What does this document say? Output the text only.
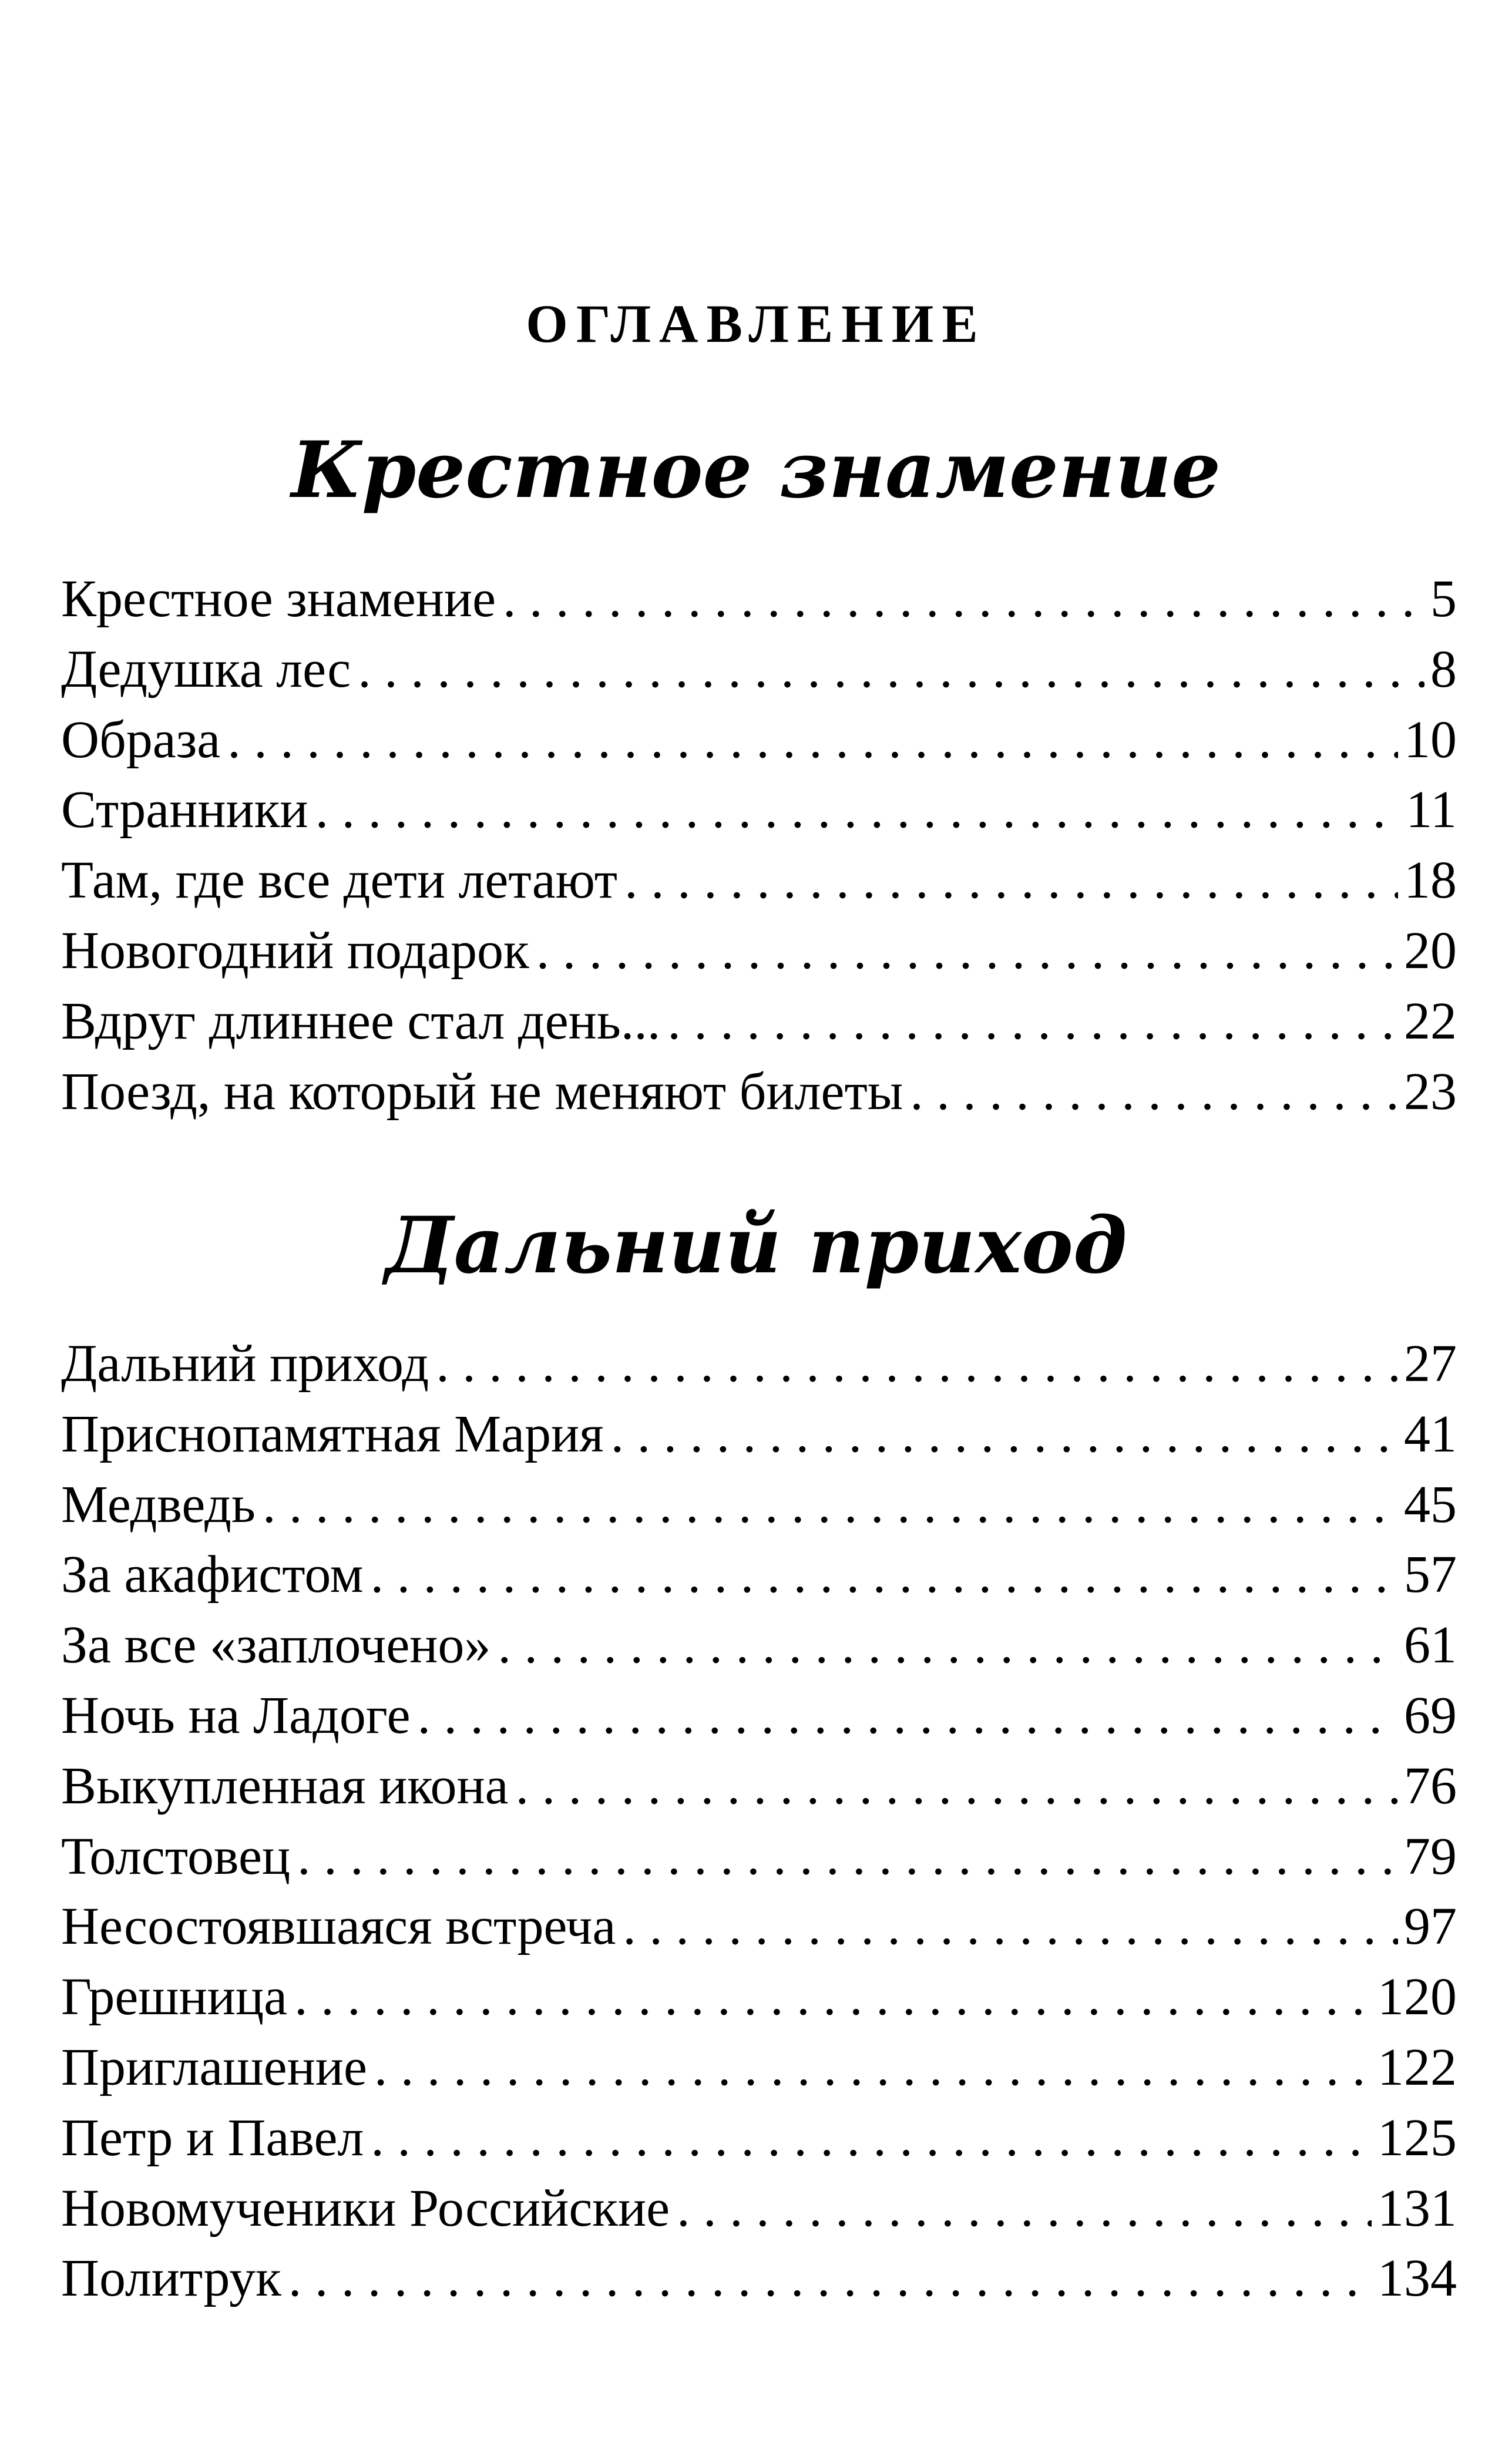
ОГЛАВЛЕНИЕ
Крестное знамение
Крестное знамение . . .	5
Дедушка лес . . .	8
Образа . . .	10
Странники . . .	11
Там, где все дети летают . . .	18
Новогодний подарок . . .	20
Вдруг длиннее стал день... . . .	22
Поезд, на который не меняют билеты . . .	23
Дальний приход
Дальний приход . . .	27
Приснопамятная Мария . . .	41
Медведь . . .	45
За акафистом . . .	57
За все «заплочено» . . .	61
Ночь на Ладоге . . .	69
Выкупленная икона . . .	76
Толстовец . . .	79
Несостоявшаяся встреча . . .	97
Грешница . . .	120
Приглашение . . .	122
Петр и Павел . . .	125
Новомученики Российские . . .	131
Политрук . . .	134
